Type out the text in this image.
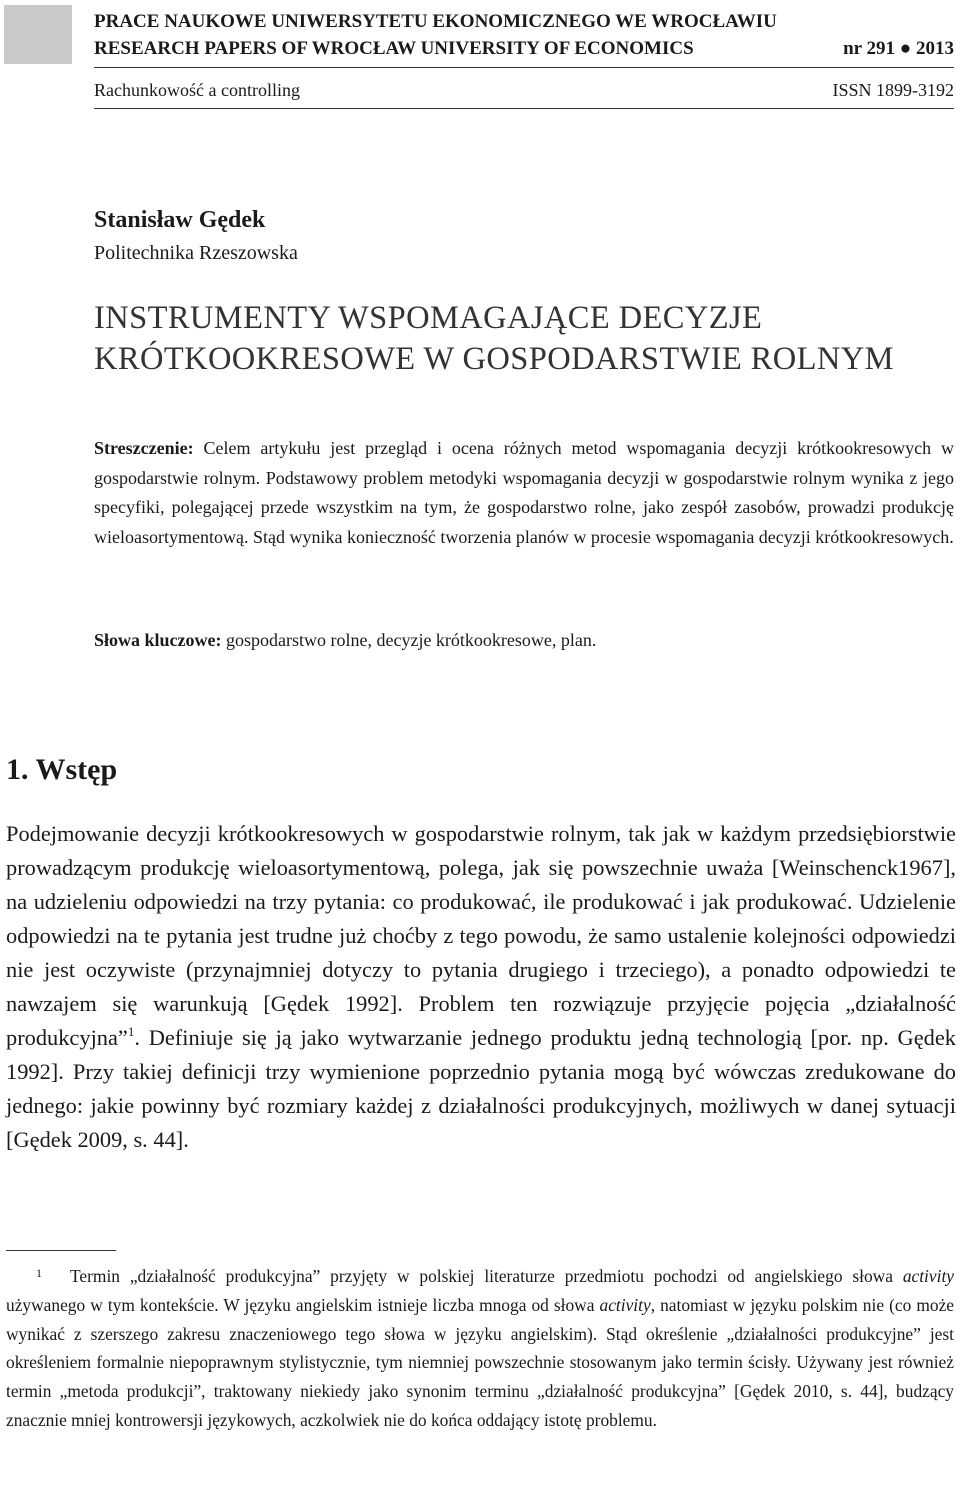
PRACE NAUKOWE UNIWERSYTETU EKONOMICZNEGO WE WROCŁAWIU
RESEARCH PAPERS OF WROCŁAW UNIVERSITY OF ECONOMICS	nr 291 ● 2013
Rachunkowość a controlling	ISSN 1899-3192
Stanisław Gędek
Politechnika Rzeszowska
INSTRUMENTY WSPOMAGAJĄCE DECYZJE
KRÓTKOOKRESOWE W GOSPODARSTWIE ROLNYM
Streszczenie: Celem artykułu jest przegląd i ocena różnych metod wspomagania decyzji krótkookresowych w gospodarstwie rolnym. Podstawowy problem metodyki wspomagania decyzji w gospodarstwie rolnym wynika z jego specyfiki, polegającej przede wszystkim na tym, że gospodarstwo rolne, jako zespół zasobów, prowadzi produkcję wieloasortymentową. Stąd wynika konieczność tworzenia planów w procesie wspomagania decyzji krótkookresowych.
Słowa kluczowe: gospodarstwo rolne, decyzje krótkookresowe, plan.
1. Wstęp
Podejmowanie decyzji krótkookresowych w gospodarstwie rolnym, tak jak w każdym przedsiębiorstwie prowadzącym produkcję wieloasortymentową, polega, jak się powszechnie uważa [Weinschenck1967], na udzieleniu odpowiedzi na trzy pytania: co produkować, ile produkować i jak produkować. Udzielenie odpowiedzi na te pytania jest trudne już choćby z tego powodu, że samo ustalenie kolejności odpowiedzi nie jest oczywiste (przynajmniej dotyczy to pytania drugiego i trzeciego), a ponadto odpowiedzi te nawzajem się warunkują [Gędek 1992]. Problem ten rozwiązuje przyjęcie pojęcia „działalność produkcyjna”$^1$. Definiuje się ją jako wytwarzanie jednego produktu jedną technologią [por. np. Gędek 1992]. Przy takiej definicji trzy wymienione poprzednio pytania mogą być wówczas zredukowane do jednego: jakie powinny być rozmiary każdej z działalności produkcyjnych, możliwych w danej sytuacji [Gędek 2009, s. 44].
1 Termin „działalność produkcyjna” przyjęty w polskiej literaturze przedmiotu pochodzi od angielskiego słowa activity używanego w tym kontekście. W języku angielskim istnieje liczba mnoga od słowa activity, natomiast w języku polskim nie (co może wynikać z szerszego zakresu znaczeniowego tego słowa w języku angielskim). Stąd określenie „działalności produkcyjne” jest określeniem formalnie niepoprawnym stylistycznie, tym niemniej powszechnie stosowanym jako termin ścisły. Używany jest również termin „metoda produkcji”, traktowany niekiedy jako synonim terminu „działalność produkcyjna” [Gędek 2010, s. 44], budzący znacznie mniej kontrowersji językowych, aczkolwiek nie do końca oddający istotę problemu.
